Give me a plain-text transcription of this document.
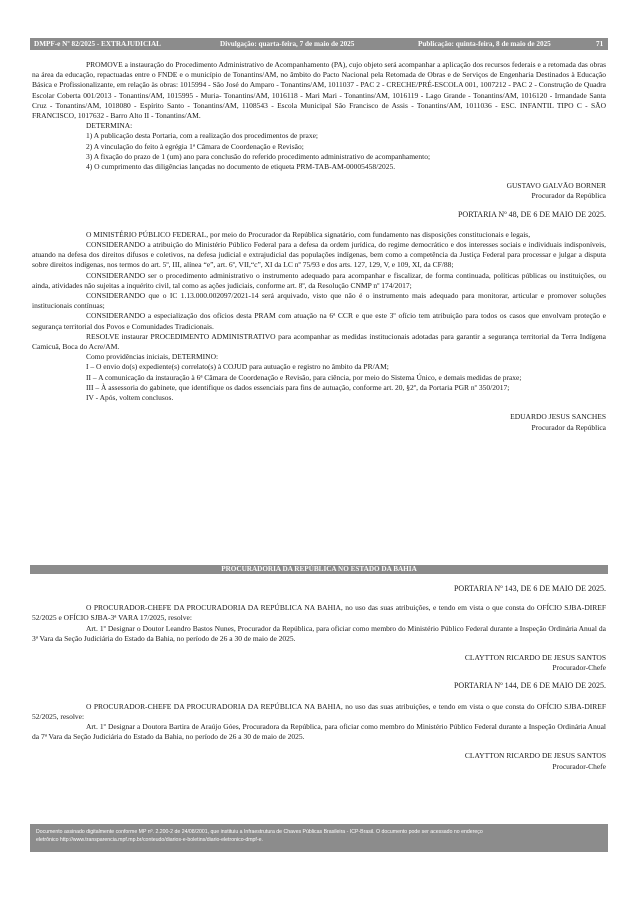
DMPF-e Nº 82/2025 - EXTRAJUDICIAL	Divulgação: quarta-feira, 7 de maio de 2025	Publicação: quinta-feira, 8 de maio de 2025	71

PROMOVE a instauração do Procedimento Administrativo de Acompanhamento (PA), cujo objeto será acompanhar a aplicação dos recursos federais e a retomada das obras na área da educação, repactuadas entre o FNDE e o município de Tonantins/AM, no âmbito do Pacto Nacional pela Retomada de Obras e de Serviços de Engenharia Destinados à Educação Básica e Profissionalizante, em relação às obras: 1015994 - São José do Amparo - Tonantins/AM, 1011037 - PAC 2 - CRECHE/PRÉ-ESCOLA 001, 1007212 - PAC 2 - Construção de Quadra Escolar Coberta 001/2013 - Tonantins/AM, 1015995 - Muria- Tonantins/AM, 1016118 - Mari Mari - Tonantins/AM, 1016119 - Lago Grande - Tonantins/AM, 1016120 - Irmandade Santa Cruz - Tonantins/AM, 1018080 - Espírito Santo - Tonantins/AM, 1108543 - Escola Municipal São Francisco de Assis - Tonantins/AM, 1011036 - ESC. INFANTIL TIPO C - SÃO FRANCISCO, 1017632 - Barro Alto II - Tonantins/AM.

DETERMINA:

1) A publicação desta Portaria, com a realização dos procedimentos de praxe;

2) A vinculação do feito à egrégia 1ª Câmara de Coordenação e Revisão;

3) A fixação do prazo de 1 (um) ano para conclusão do referido procedimento administrativo de acompanhamento;

4) O cumprimento das diligências lançadas no documento de etiqueta PRM-TAB-AM-00005458/2025.

GUSTAVO GALVÃO BORNER

Procurador da República

PORTARIA Nº 48, DE 6 DE MAIO DE 2025.

O MINISTÉRIO PÚBLICO FEDERAL, por meio do Procurador da República signatário, com fundamento nas disposições constitucionais e legais,

CONSIDERANDO a atribuição do Ministério Público Federal para a defesa da ordem jurídica, do regime democrático e dos interesses sociais e individuais indisponíveis, atuando na defesa dos direitos difusos e coletivos, na defesa judicial e extrajudicial das populações indígenas, bem como a competência da Justiça Federal para processar e julgar a disputa sobre direitos indígenas, nos termos do art. 5º, III, alínea “e”, art. 6º, VII,“c”, XI da LC nº 75/93 e dos arts. 127, 129, V, e 109, XI, da CF/88;

CONSIDERANDO ser o procedimento administrativo o instrumento adequado para acompanhar e fiscalizar, de forma continuada, políticas públicas ou instituições, ou ainda, atividades não sujeitas a inquérito civil, tal como as ações judiciais, conforme art. 8º, da Resolução CNMP nº 174/2017;

CONSIDERANDO que o IC 1.13.000.002097/2021-14 será arquivado, visto que não é o instrumento mais adequado para monitorar, articular e promover soluções institucionais contínuas;

CONSIDERANDO a especialização dos ofícios desta PRAM com atuação na 6ª CCR e que este 3º ofício tem atribuição para todos os casos que envolvam proteção e segurança territorial dos Povos e Comunidades Tradicionais.

RESOLVE instaurar PROCEDIMENTO ADMINISTRATIVO para acompanhar as medidas institucionais adotadas para garantir a segurança territorial da Terra Indígena Camicuã, Boca do Acre/AM.

Como providências iniciais, DETERMINO:

I – O envio do(s) expediente(s) correlato(s) à COJUD para autuação e registro no âmbito da PR/AM;

II – A comunicação da instauração à 6ª Câmara de Coordenação e Revisão, para ciência, por meio do Sistema Único, e demais medidas de praxe;

III – À assessoria do gabinete, que identifique os dados essenciais para fins de autuação, conforme art. 20, §2º, da Portaria PGR nº 350/2017;

IV - Após, voltem conclusos.

EDUARDO JESUS SANCHES

Procurador da República

PROCURADORIA DA REPÚBLICA NO ESTADO DA BAHIA

PORTARIA Nº 143, DE 6 DE MAIO DE 2025.

O PROCURADOR-CHEFE DA PROCURADORIA DA REPÚBLICA NA BAHIA, no uso das suas atribuições, e tendo em vista o que consta do OFÍCIO SJBA-DIREF 52/2025 e OFÍCIO SJBA-3ª VARA 17/2025, resolve:

Art. 1º Designar o Doutor Leandro Bastos Nunes, Procurador da República, para oficiar como membro do Ministério Público Federal durante a Inspeção Ordinária Anual da 3ª Vara da Seção Judiciária do Estado da Bahia, no período de 26 a 30 de maio de 2025.

CLAYTTON RICARDO DE JESUS SANTOS

Procurador-Chefe

PORTARIA Nº 144, DE 6 DE MAIO DE 2025.

O PROCURADOR-CHEFE DA PROCURADORIA DA REPÚBLICA NA BAHIA, no uso das suas atribuições, e tendo em vista o que consta do OFÍCIO SJBA-DIREF 52/2025, resolve:

Art. 1º Designar a Doutora Bartira de Araújo Góes, Procuradora da República, para oficiar como membro do Ministério Público Federal durante a Inspeção Ordinária Anual da 7ª Vara da Seção Judiciária do Estado da Bahia, no período de 26 a 30 de maio de 2025.

CLAYTTON RICARDO DE JESUS SANTOS

Procurador-Chefe

Documento assinado digitalmente conforme MP nº. 2.200-2 de 24/08/2001, que instituiu a Infraestrutura de Chaves Públicas Brasileira - ICP-Brasil. O documento pode ser acessado no endereço
eletrônico http://www.transparencia.mpf.mp.br/conteudo/diarios-e-boletins/diario-eletronico-dmpf-e.
